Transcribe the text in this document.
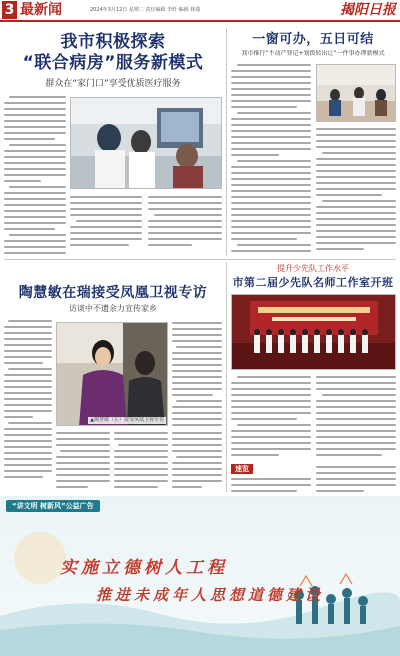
3 最新闻	2024年3月12日 星期二 责任编辑 李轩 编辑 林瑞	揭阳日报
我市积极探索
“联合病房”服务新模式
群众在“家门口”享受优质医疗服务
一窗可办，五日可结
我市推行“不动产登记+划拨转出让”一件事办理新模式
陶慧敏在瑞接受凤凰卫视专访
访谈中不遗余力宣传家乡
▲陶慧敏（左）接受凤凰卫视专访
提升少先队工作水平
市第二届少先队名师工作室开班
速览
“讲文明 树新风”公益广告
实施立德树人工程
推进未成年人思想道德建设
